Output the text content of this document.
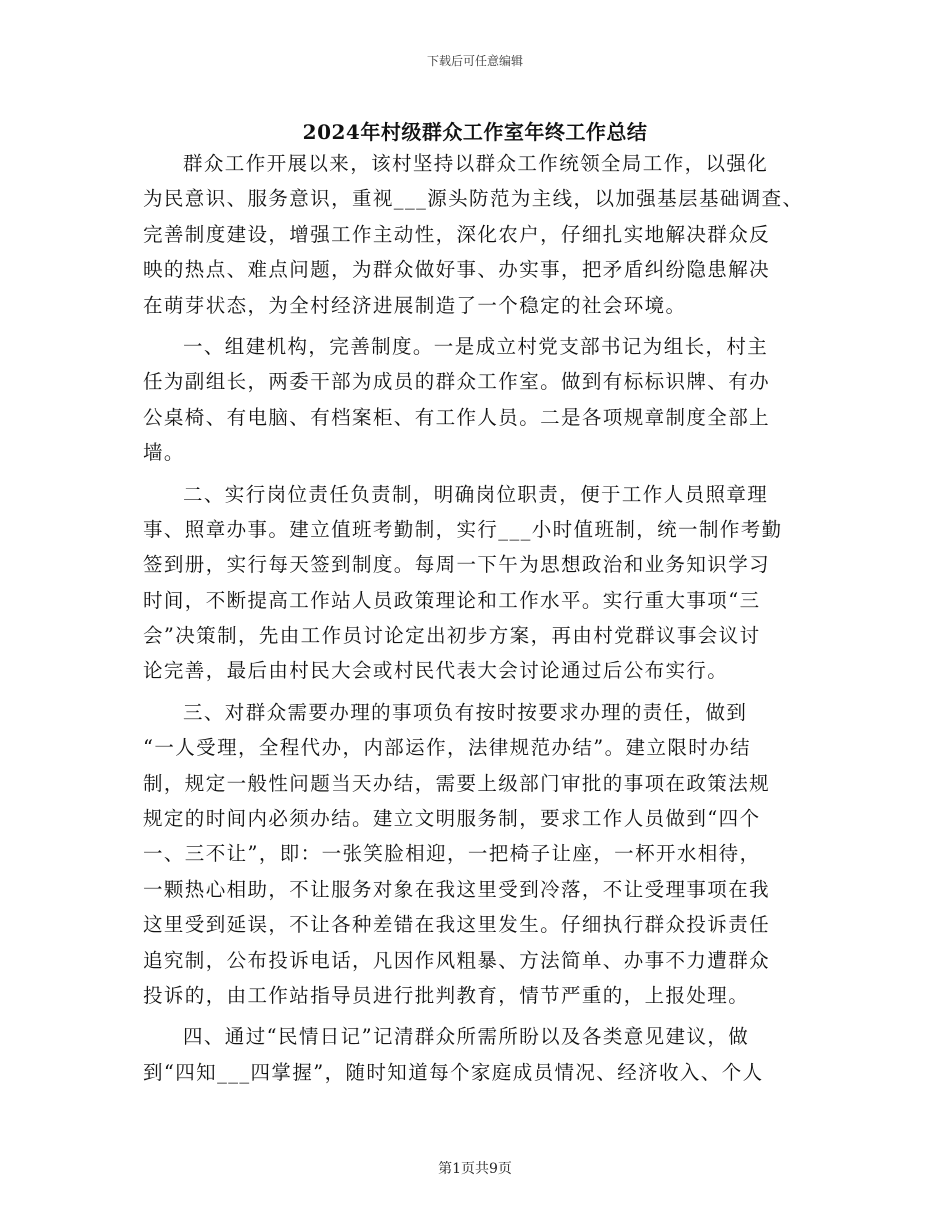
下载后可任意编辑
2024年村级群众工作室年终工作总结
群众工作开展以来，该村坚持以群众工作统领全局工作，以强化
为民意识、服务意识，重视___源头防范为主线，以加强基层基础调查、
完善制度建设，增强工作主动性，深化农户，仔细扎实地解决群众反
映的热点、难点问题，为群众做好事、办实事，把矛盾纠纷隐患解决
在萌芽状态，为全村经济进展制造了一个稳定的社会环境。
一、组建机构，完善制度。一是成立村党支部书记为组长，村主
任为副组长，两委干部为成员的群众工作室。做到有标标识牌、有办
公桌椅、有电脑、有档案柜、有工作人员。二是各项规章制度全部上
墙。
二、实行岗位责任负责制，明确岗位职责，便于工作人员照章理
事、照章办事。建立值班考勤制，实行___小时值班制，统一制作考勤
签到册，实行每天签到制度。每周一下午为思想政治和业务知识学习
时间，不断提高工作站人员政策理论和工作水平。实行重大事项“三
会”决策制，先由工作员讨论定出初步方案，再由村党群议事会议讨
论完善，最后由村民大会或村民代表大会讨论通过后公布实行。
三、对群众需要办理的事项负有按时按要求办理的责任，做到
“一人受理，全程代办，内部运作，法律规范办结”。建立限时办结
制，规定一般性问题当天办结，需要上级部门审批的事项在政策法规
规定的时间内必须办结。建立文明服务制，要求工作人员做到“四个
一、三不让”，即：一张笑脸相迎，一把椅子让座，一杯开水相待，
一颗热心相助，不让服务对象在我这里受到冷落，不让受理事项在我
这里受到延误，不让各种差错在我这里发生。仔细执行群众投诉责任
追究制，公布投诉电话，凡因作风粗暴、方法简单、办事不力遭群众
投诉的，由工作站指导员进行批判教育，情节严重的，上报处理。
四、通过“民情日记”记清群众所需所盼以及各类意见建议，做
到“四知___四掌握”，随时知道每个家庭成员情况、经济收入、个人
第1页共9页
